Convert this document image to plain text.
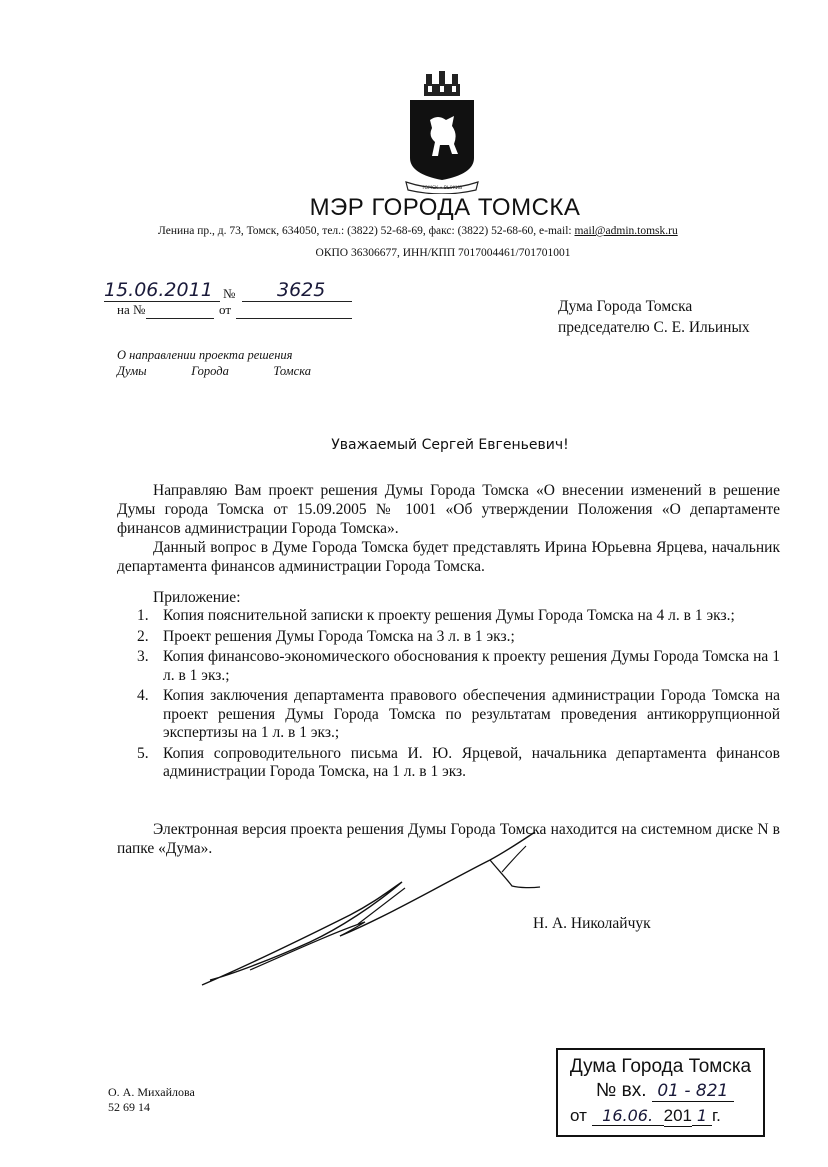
ТОМСК • ВЫЖИВ
МЭР ГОРОДА ТОМСКА
Ленина пр., д. 73, Томск, 634050, тел.: (3822) 52-68-69, факс: (3822) 52-68-60, e-mail: mail@admin.tomsk.ru
ОКПО 36306677, ИНН/КПП 7017004461/701701001
15.06.2011 № 3625
на №	от	Дума Города Томска
председателю С. Е. Ильиных
О направлении проекта решения
Думы	Города	Томска
Уважаемый Сергей Евгеньевич!
Направляю Вам проект решения Думы Города Томска «О внесении изменений в решение Думы города Томска от 15.09.2005 № 1001 «Об утверждении Положения «О департаменте финансов администрации Города Томска».
Данный вопрос в Думе Города Томска будет представлять Ирина Юрьевна Ярцева, начальник департамента финансов администрации Города Томска.
Приложение:
1. Копия пояснительной записки к проекту решения Думы Города Томска на 4 л. в 1 экз.;
2. Проект решения Думы Города Томска на 3 л. в 1 экз.;
3. Копия финансово-экономического обоснования к проекту решения Думы Города Томска на 1 л. в 1 экз.;
4. Копия заключения департамента правового обеспечения администрации Города Томска на проект решения Думы Города Томска по результатам проведения антикоррупционной экспертизы на 1 л. в 1 экз.;
5. Копия сопроводительного письма И. Ю. Ярцевой, начальника департамента финансов администрации Города Томска, на 1 л. в 1 экз.
Электронная версия проекта решения Думы Города Томска находится на системном диске N в папке «Дума».
Н. А. Николайчук
О. А. Михайлова
52 69 14
Дума Города Томска
№ вх. 01 - 821
от 16.06. 201 1 г.
